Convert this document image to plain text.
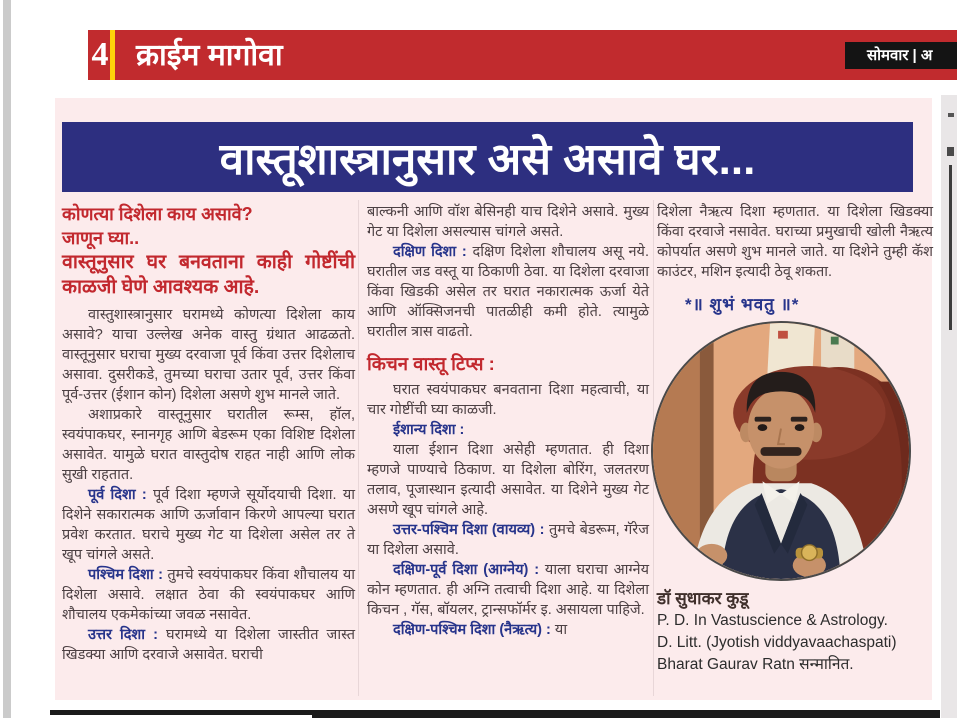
4 क्राईम मागोवा	सोमवार | अ
वास्तूशास्त्रानुसार असे असावे घर...
कोणत्या दिशेला काय असावे?
जाणून घ्या..
वास्तूनुसार घर बनवताना काही गोष्टींची काळजी घेणे आवश्यक आहे.

वास्तुशास्त्रानुसार घरामध्ये कोणत्या दिशेला काय असावे? याचा उल्लेख अनेक वास्तु ग्रंथात आढळतो. वास्तूनुसार घराचा मुख्य दरवाजा पूर्व किंवा उत्तर दिशेलाच असावा. दुसरीकडे, तुमच्या घराचा उतार पूर्व, उत्तर किंवा पूर्व-उत्तर (ईशान कोन) दिशेला असणे शुभ मानले जाते.

अशाप्रकारे वास्तूनुसार घरातील रूम्स, हॉल, स्वयंपाकघर, स्नानगृह आणि बेडरूम एका विशिष्ट दिशेला असावेत. यामुळे घरात वास्तुदोष राहत नाही आणि लोक सुखी राहतात.

पूर्व दिशा : पूर्व दिशा म्हणजे सूर्योदयाची दिशा. या दिशेने सकारात्मक आणि ऊर्जावान किरणे आपल्या घरात प्रवेश करतात. घराचे मुख्य गेट या दिशेला असेल तर ते खूप चांगले असते.

पश्चिम दिशा : तुमचे स्वयंपाकघर किंवा शौचालय या दिशेला असावे. लक्षात ठेवा की स्वयंपाकघर आणि शौचालय एकमेकांच्या जवळ नसावेत.

उत्तर दिशा : घरामध्ये या दिशेला जास्तीत जास्त खिडक्या आणि दरवाजे असावेत. घराची

बाल्कनी आणि वॉश बेसिनही याच दिशेने असावे. मुख्य गेट या दिशेला असल्यास चांगले असते.

दक्षिण दिशा : दक्षिण दिशेला शौचालय असू नये. घरातील जड वस्तू या ठिकाणी ठेवा. या दिशेला दरवाजा किंवा खिडकी असेल तर घरात नकारात्मक ऊर्जा येते आणि ऑक्सिजनची पातळीही कमी होते. त्यामुळे घरातील त्रास वाढतो.

किचन वास्तू टिप्स :

घरात स्वयंपाकघर बनवताना दिशा महत्वाची, या चार गोष्टींची घ्या काळजी.

ईशान्य दिशा :

याला ईशान दिशा असेही म्हणतात. ही दिशा म्हणजे पाण्याचे ठिकाण. या दिशेला बोरिंग, जलतरण तलाव, पूजास्थान इत्यादी असावेत. या दिशेने मुख्य गेट असणे खूप चांगले आहे.

उत्तर-पश्चिम दिशा (वायव्य) : तुमचे बेडरूम, गॅरेज या दिशेला असावे.

दक्षिण-पूर्व दिशा (आग्नेय) : याला घराचा आग्नेय कोन म्हणतात. ही अग्नि तत्वाची दिशा आहे. या दिशेला किचन , गॅस, बॉयलर, ट्रान्सफॉर्मर इ. असायला पाहिजे.

दक्षिण-पश्चिम दिशा (नैऋत्य) : या

दिशेला नैऋत्य दिशा म्हणतात. या दिशेला खिडक्या किंवा दरवाजे नसावेत. घराच्या प्रमुखाची खोली नैऋत्य कोपर्यात असणे शुभ मानले जाते. या दिशेने तुम्ही कॅश काउंटर, मशिन इत्यादी ठेवू शकता.

*॥ शुभं भवतु ॥*
डॉ सुधाकर कुडू
P. D. In Vastuscience & Astrology.
D. Litt. (Jyotish viddyavaachaspati)
Bharat Gaurav Ratn सन्मानित.
